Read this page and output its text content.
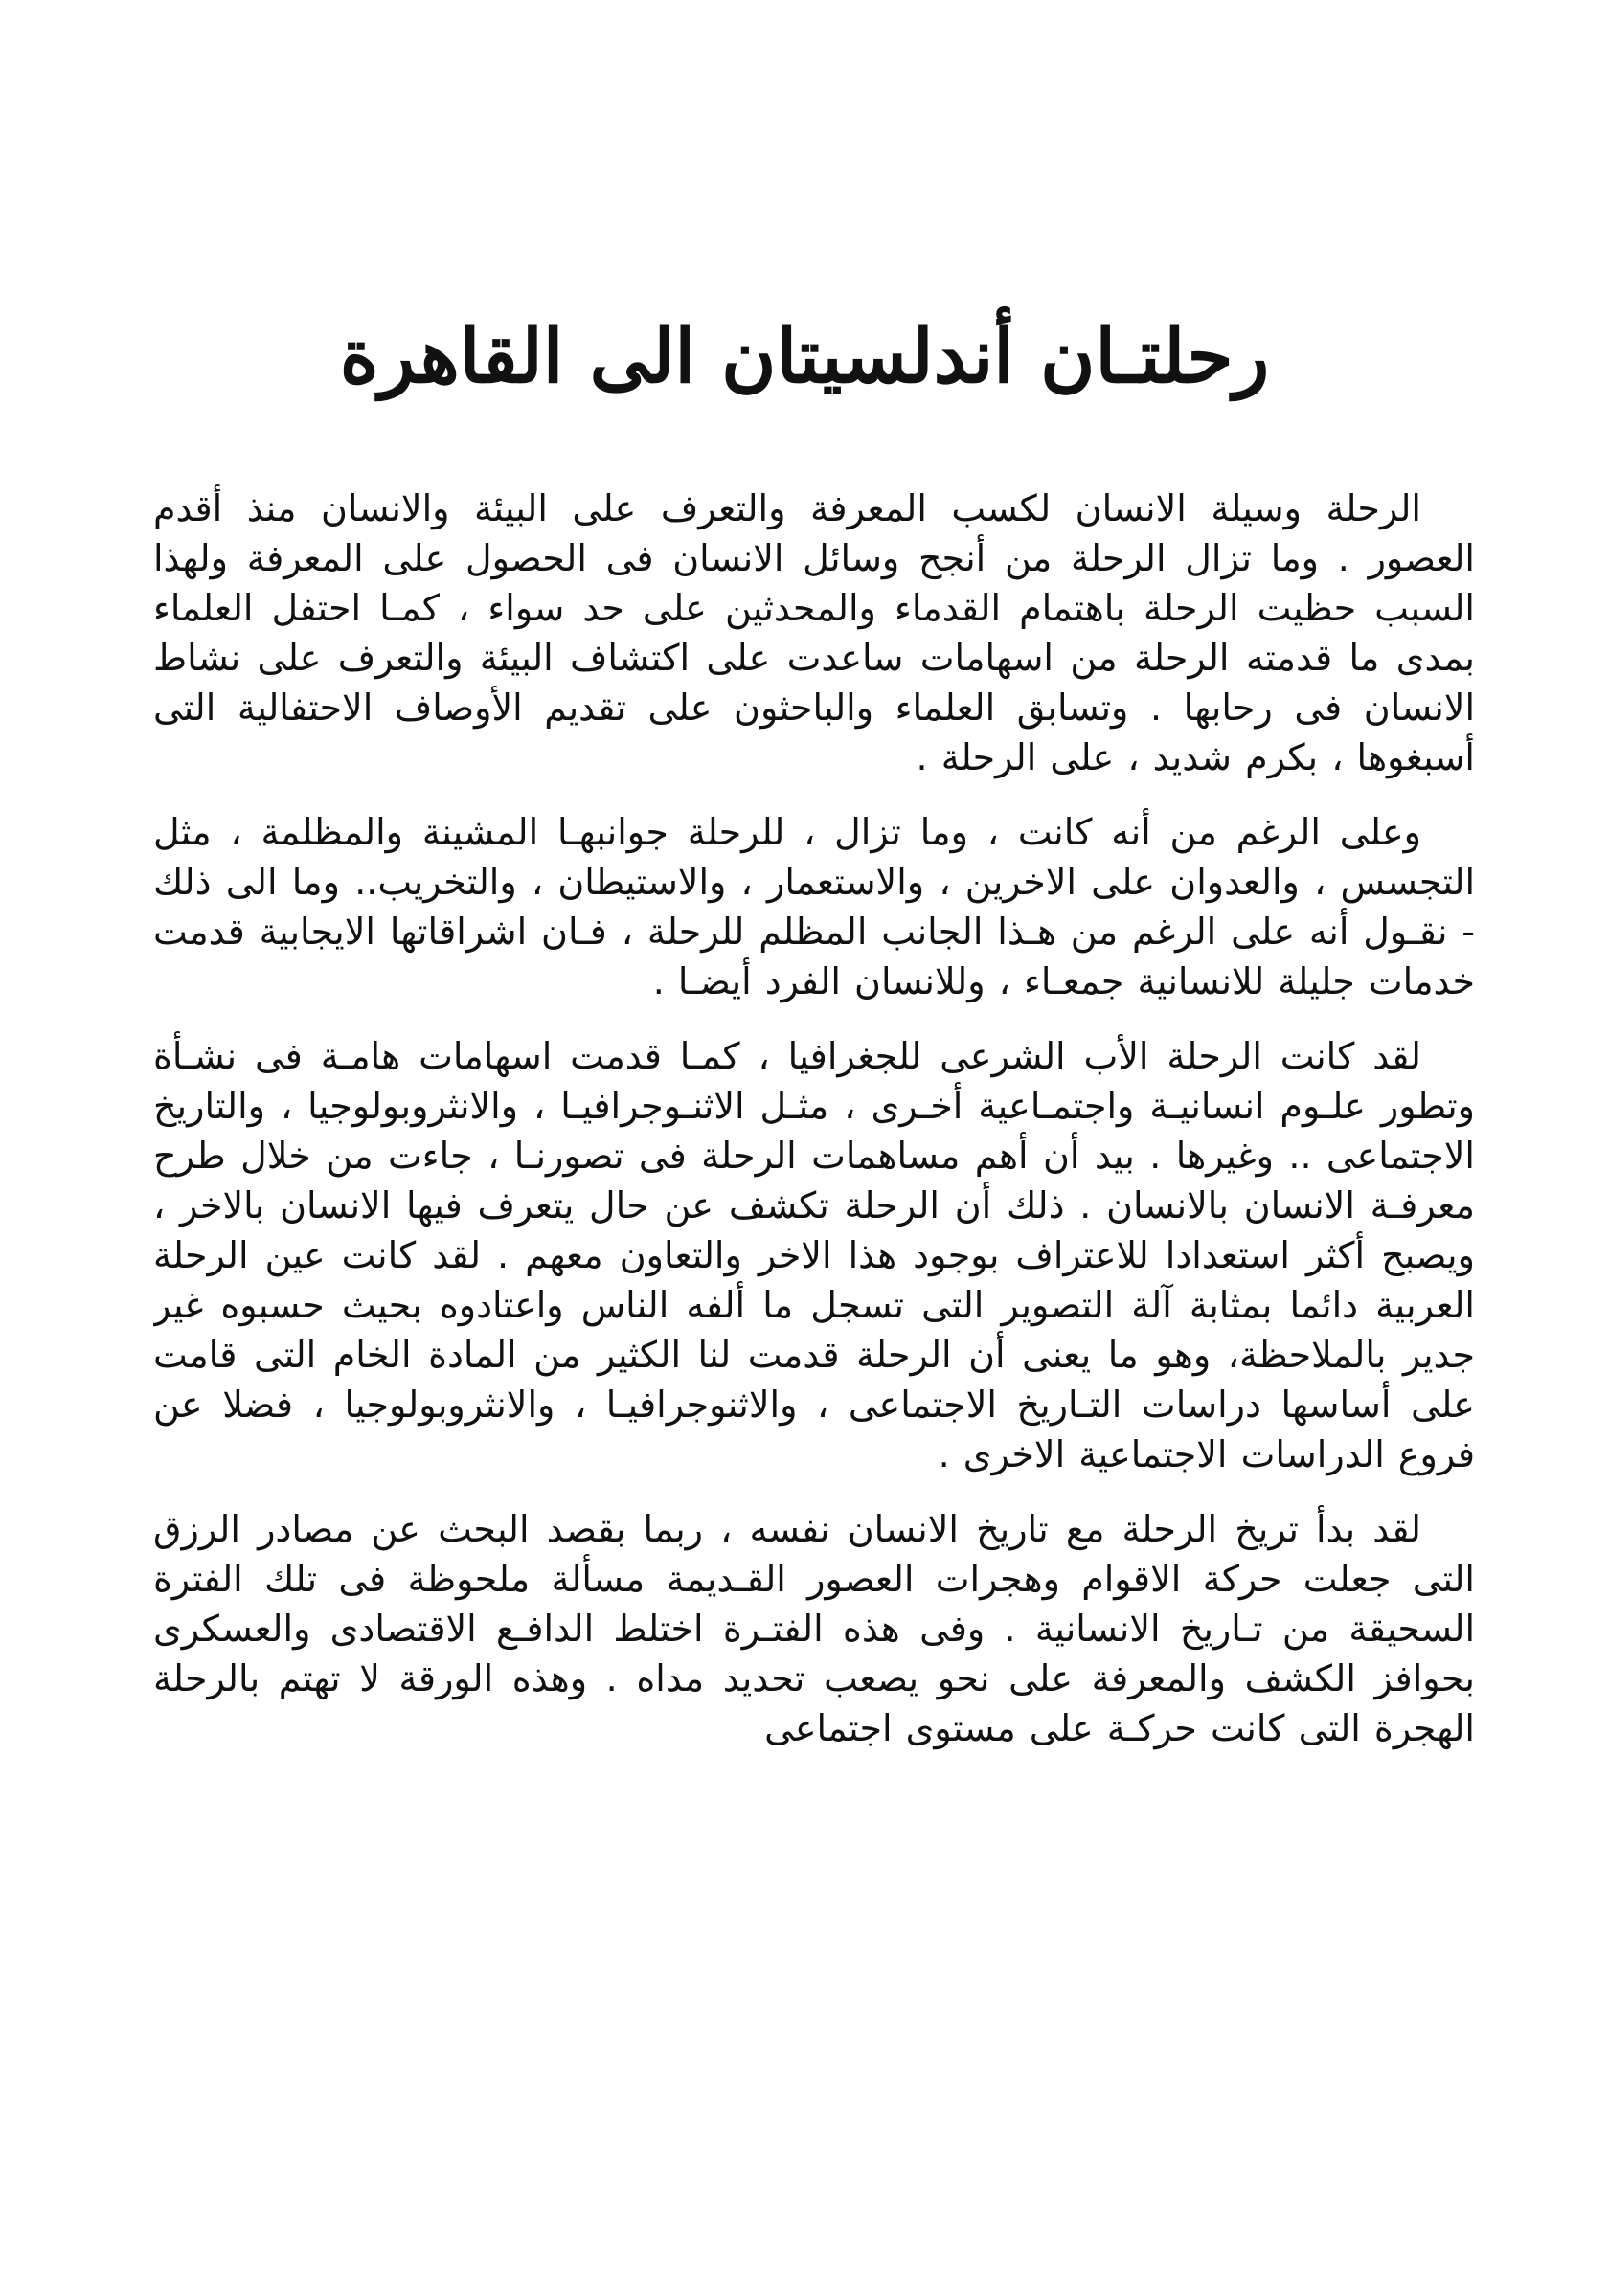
رحلتـان أندلسيتان الى القاهرة

الرحلة وسيلة الانسان لكسب المعرفة والتعرف على البيئة والانسان منذ أقدم العصور . وما تزال الرحلة من أنجح وسائل الانسان فى الحصول على المعرفة ولهذا السبب حظيت الرحلة باهتمام القدماء والمحدثين على حد سواء ، كمـا احتفل العلماء بمدى ما قدمته الرحلة من اسهامات ساعدت على اكتشاف البيئة والتعرف على نشاط الانسان فى رحابها . وتسابق العلماء والباحثون على تقديم الأوصاف الاحتفالية التى أسبغوها ، بكرم شديد ، على الرحلة .

وعلى الرغم من أنه كانت ، وما تزال ، للرحلة جوانبهـا المشينة والمظلمة ، مثل التجسس ، والعدوان على الاخرين ، والاستعمار ، والاستيطان ، والتخريب.. وما الى ذلك - نقـول أنه على الرغم من هـذا الجانب المظلم للرحلة ، فـان اشراقاتها الايجابية قدمت خدمات جليلة للانسانية جمعـاء ، وللانسان الفرد أيضـا .

لقد كانت الرحلة الأب الشرعى للجغرافيا ، كمـا قدمت اسهامات هامـة فى نشـأة وتطور علـوم انسانيـة واجتمـاعية أخـرى ، مثـل الاثنـوجرافيـا ، والانثروبولوجيا ، والتاريخ الاجتماعى .. وغيرها . بيد أن أهم مساهمات الرحلة فى تصورنـا ، جاءت من خلال طرح معرفـة الانسان بالانسان . ذلك أن الرحلة تكشف عن حال يتعرف فيها الانسان بالاخر ، ويصبح أكثر استعدادا للاعتراف بوجود هذا الاخر والتعاون معهم . لقد كانت عين الرحلة العربية دائما بمثابة آلة التصوير التى تسجل ما ألفه الناس واعتادوه بحيث حسبوه غير جدير بالملاحظة، وهو ما يعنى أن الرحلة قدمت لنا الكثير من المادة الخام التى قامت على أساسها دراسات التـاريخ الاجتماعى ، والاثنوجرافيـا ، والانثروبولوجيا ، فضلا عن فروع الدراسات الاجتماعية الاخرى .

لقد بدأ تريخ الرحلة مع تاريخ الانسان نفسه ، ربما بقصد البحث عن مصادر الرزق التى جعلت حركة الاقوام وهجرات العصور القـديمة مسألة ملحوظة فى تلك الفترة السحيقة من تـاريخ الانسانية . وفى هذه الفتـرة اختلط الدافـع الاقتصادى والعسكرى بحوافز الكشف والمعرفة على نحو يصعب تحديد مداه . وهذه الورقة لا تهتم بالرحلة الهجرة التى كانت حركـة على مستوى اجتماعى
